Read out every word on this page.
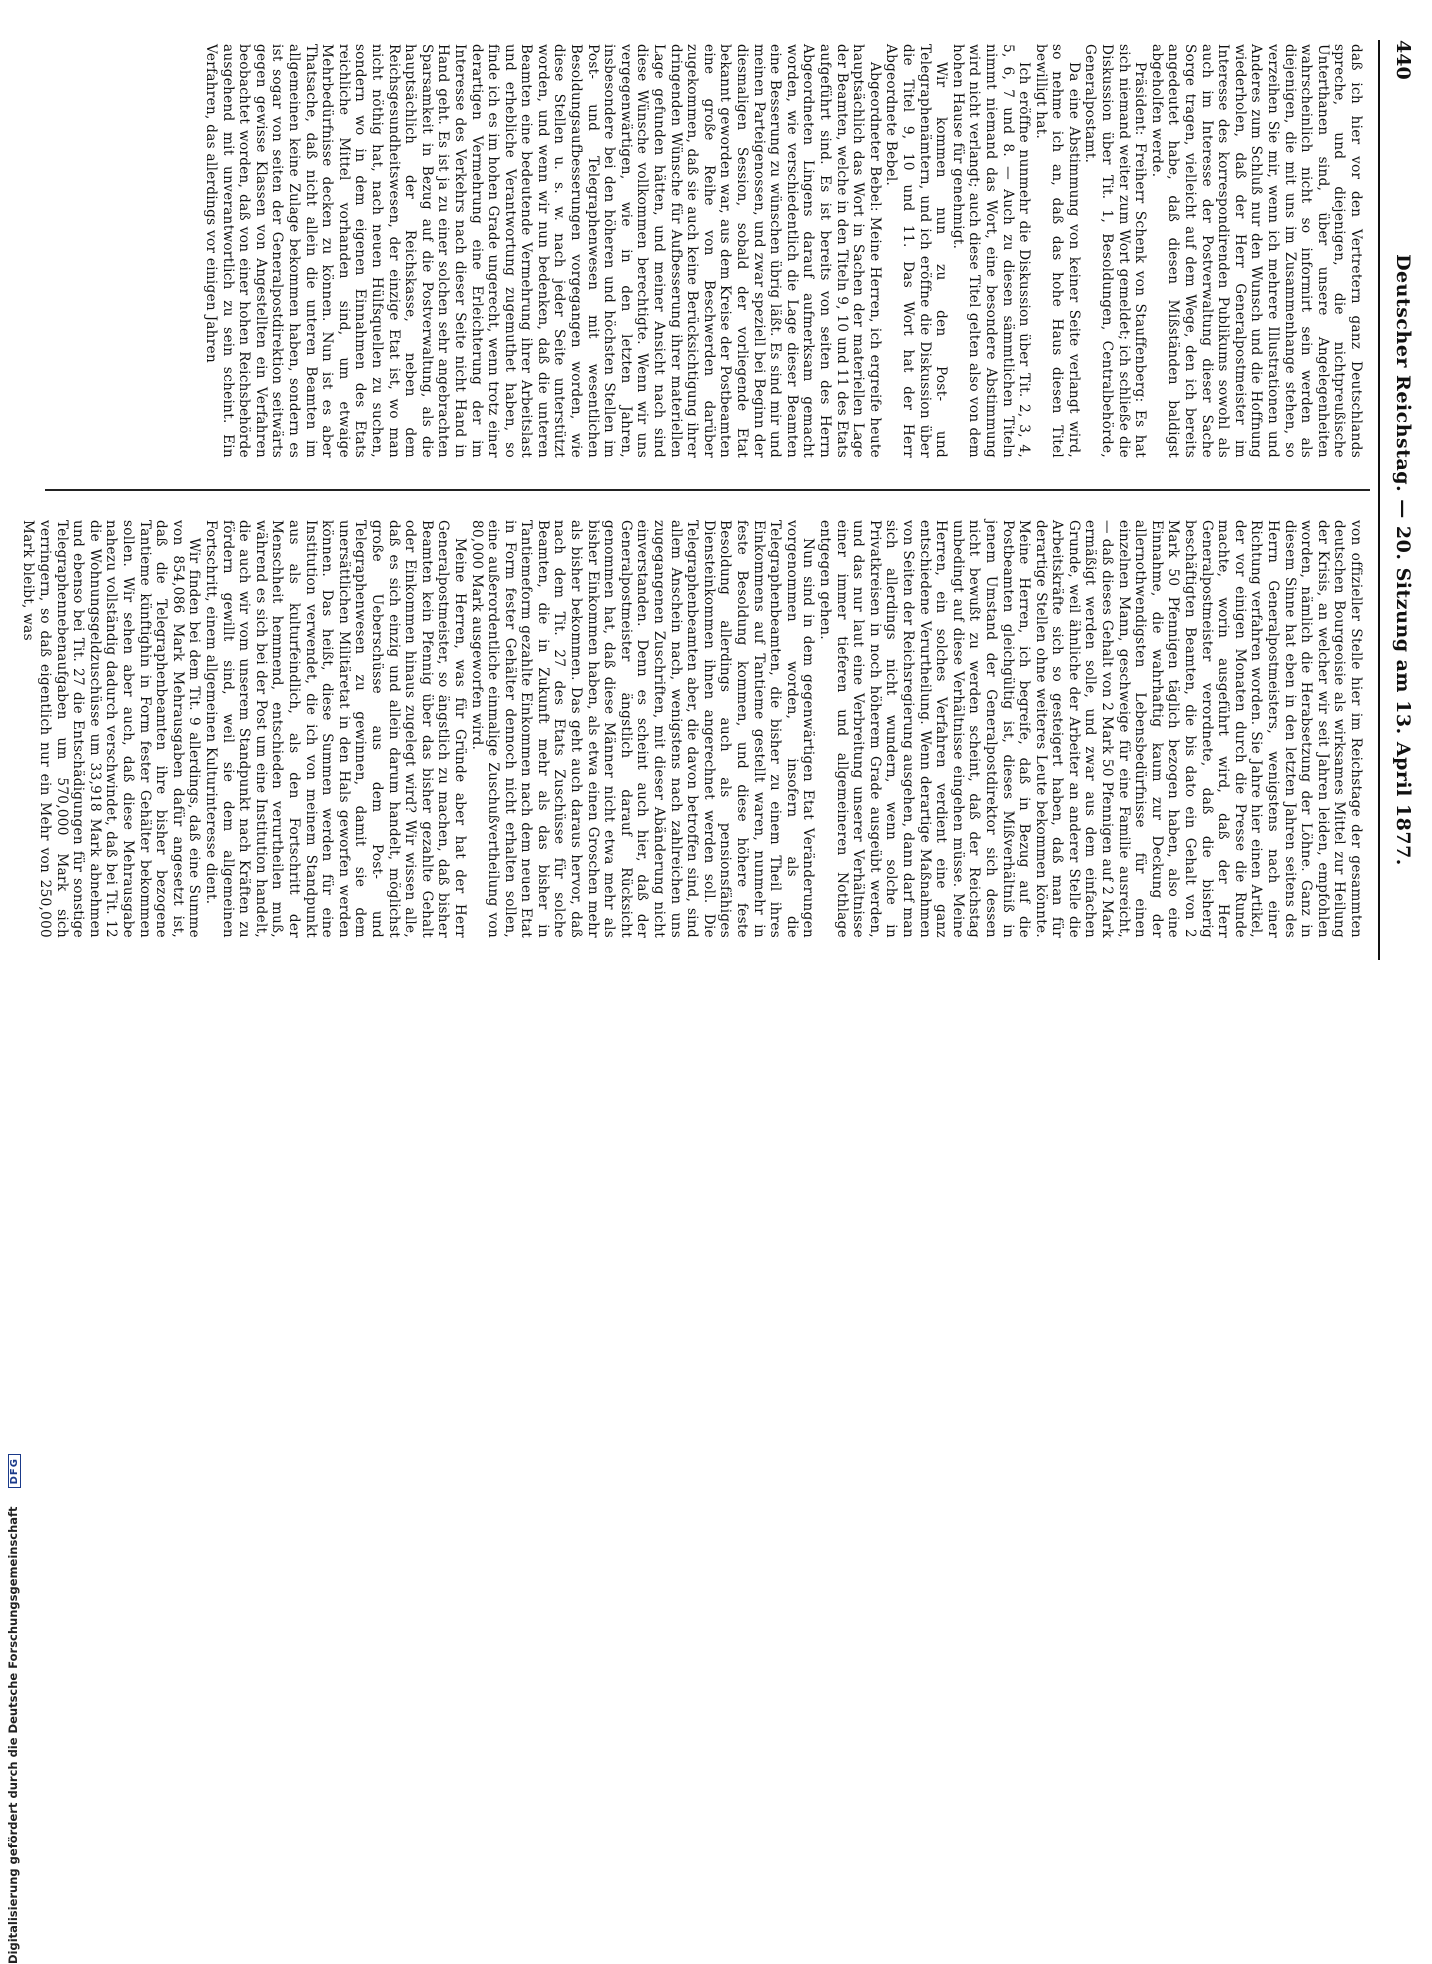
440
Deutscher Reichstag. — 20. Sitzung am 13. April 1877.

daß ich hier vor den Vertretern ganz Deutschlands spreche, und diejenigen, die nichtpreußische Unterthanen sind, über unsere Angelegenheiten wahrscheinlich nicht so informirt sein werden als diejenigen, die mit uns im Zusammenhange stehen, so verzeihen Sie mir, wenn ich mehrere Illustrationen und Anderes zum Schluß nur den Wunsch und die Hoffnung wiederholen, daß der Herr Generalpostmeister im Interesse des korrespondirenden Publikums sowohl als auch im Interesse der Postverwaltung dieser Sache Sorge tragen, vielleicht auf dem Wege, den ich bereits angedeutet habe, daß diesen Mißständen baldigst abgeholfen werde.

Präsident: Freiherr Schenk von Stauffenberg: Es hat sich niemand weiter zum Wort gemeldet; ich schließe die Diskussion über Tit. 1, Besoldungen, Centralbehörde, Generalpostamt.

Da eine Abstimmung von keiner Seite verlangt wird, so nehme ich an, daß das hohe Haus diesen Titel bewilligt hat.

Ich eröffne nunmehr die Diskussion über Tit. 2, 3, 4, 5, 6, 7 und 8. — Auch zu diesen sämmtlichen Titeln nimmt niemand das Wort, eine besondere Abstimmung wird nicht verlangt; auch diese Titel gelten also von dem hohen Hause für genehmigt.

Wir kommen nun zu den Post- und Telegraphenämtern, und ich eröffne die Diskussion über die Titel 9, 10 und 11. Das Wort hat der Herr Abgeordnete Bebel.

Abgeordneter Bebel: Meine Herren, ich ergreife heute hauptsächlich das Wort in Sachen der materiellen Lage der Beamten, welche in den Titeln 9, 10 und 11 des Etats aufgeführt sind. Es ist bereits von seiten des Herrn Abgeordneten Lingens darauf aufmerksam gemacht worden, wie verschiedentlich die Lage dieser Beamten eine Besserung zu wünschen übrig läßt. Es sind mir und meinen Parteigenossen, und zwar speziell bei Beginn der diesmaligen Session, sobald der vorliegende Etat bekannt geworden war, aus dem Kreise der Postbeamten eine große Reihe von Beschwerden darüber zugekommen, daß sie auch keine Berücksichtigung ihrer dringenden Wünsche für Aufbesserung ihrer materiellen Lage gefunden hätten, und meiner Ansicht nach sind diese Wünsche vollkommen berechtigte. Wenn wir uns vergegenwärtigen, wie in den letzten Jahren, insbesondere bei den höheren und höchsten Stellen im Post- und Telegraphenwesen mit wesentlichen Besoldungsaufbesserungen vorgegangen worden, wie diese Stellen u. s. w. nach jeder Seite unterstützt worden, und wenn wir nun bedenken, daß die unteren Beamten eine bedeutende Vermehrung ihrer Arbeitslast und erhebliche Verantwortung zugemuthet haben, so finde ich es im hohen Grade ungerecht, wenn trotz einer derartigen Vermehrung eine Erleichterung der im Interesse des Verkehrs nach dieser Seite nicht Hand in Hand geht. Es ist ja zu einer solchen sehr angebrachten Sparsamkeit in Bezug auf die Postverwaltung, als die hauptsächlich der Reichskasse, neben dem Reichsgesundheitswesen, der einzige Etat ist, wo man nicht nöthig hat, nach neuen Hülfsquellen zu suchen, sondern wo in dem eigenen Einnahmen des Etats reichliche Mittel vorhanden sind, um etwaige Mehrbedürfnisse decken zu können. Nun ist es aber Thatsache, daß nicht allein die unteren Beamten im allgemeinen keine Zulage bekommen haben, sondern es ist sogar von seiten der Generalpostdirektion seitwärts gegen gewisse Klassen von Angestellten ein Verfahren beobachtet worden, daß von einer hohen Reichsbehörde ausgehend mit unverantwortlich zu sein scheint. Ein Verfahren, das allerdings vor einigen Jahren

von offizieller Stelle hier im Reichstage der gesammten deutschen Bourgeoisie als wirksames Mittel zur Heilung der Krisis, an welcher wir seit Jahren leiden, empfohlen worden, nämlich die Herabsetzung der Löhne. Ganz in diesem Sinne hat eben in den letzten Jahren seitens des Herrn Generalpostmeisters, wenigstens nach einer Richtung verfahren worden. Sie Jahre hier einen Artikel, der vor einigen Monaten durch die Presse die Runde machte, worin ausgeführt wird, daß der Herr Generalpostmeister verordnete, daß die bisherig beschäftigten Beamten, die bis dato ein Gehalt von 2 Mark 50 Pfennigen täglich bezogen haben, also eine Einnahme, die wahrhaftig kaum zur Deckung der allernothwendigsten Lebensbedürfnisse für einen einzelnen Mann, geschweige für eine Familie ausreicht, — daß dieses Gehalt von 2 Mark 50 Pfennigen auf 2 Mark ermäßigt werden solle, und zwar aus dem einfachen Grunde, weil ähnliche der Arbeiter an anderer Stelle die Arbeitskräfte sich so gesteigert haben, daß man für derartige Stellen ohne weiteres Leute bekommen könnte. Meine Herren, ich begreife, daß in Bezug auf die Postbeamten gleichgültig ist, dieses Mißverhältniß in jenem Umstand der Generalpostdirektor sich dessen nicht bewußt zu werden scheint, daß der Reichstag unbedingt auf diese Verhältnisse eingehen müsse. Meine Herren, ein solches Verfahren verdient eine ganz entschiedene Verurtheilung. Wenn derartige Maßnahmen von Seiten der Reichsregierung ausgehen, dann darf man sich allerdings nicht wundern, wenn solche in Privatkreisen in noch höherem Grade ausgeübt werden, und das nur laut eine Verbreitung unserer Verhältnisse einer immer tieferen und allgemeineren Nothlage entgegen gehen.

Nun sind in dem gegenwärtigen Etat Veränderungen vorgenommen worden, insofern als die Telegraphenbeamten, die bisher zu einem Theil ihres Einkommens auf Tantieme gestellt waren, nunmehr in feste Besoldung kommen, und diese höhere feste Besoldung allerdings auch als pensionsfähiges Diensteinkommen ihnen angerechnet werden soll. Die Telegraphenbeamten aber, die davon betroffen sind, sind allem Anschein nach, wenigstens nach zahlreichen uns zugegangenen Zuschriften, mit dieser Abänderung nicht einverstanden. Denn es scheint auch hier, daß der Generalpostmeister ängstlich darauf Rücksicht genommen hat, daß diese Männer nicht etwa mehr als bisher Einkommen haben, als etwa einen Groschen mehr als bisher bekommen. Das geht auch daraus hervor, daß nach dem Tit. 27 des Etats Zuschüsse für solche Beamten, die in Zukunft mehr als das bisher in Tantiemeform gezahlte Einkommen nach dem neuen Etat in Form fester Gehälter dennoch nicht erhalten sollen, eine außerordentliche einmalige Zuschußvertheilung von 80,000 Mark ausgeworfen wird.

Meine Herren, was für Gründe aber hat der Herr Generalpostmeister, so ängstlich zu machen, daß bisher Beamten kein Pfennig über das bisher gezahlte Gehalt oder Einkommen hinaus zugelegt wird? Wir wissen alle, daß es sich einzig und allein darum handelt, möglichst große Ueberschüsse aus dem Post- und Telegraphenwesen zu gewinnen, damit sie dem unersättlichen Militäretat in den Hals geworfen werden können. Das heißt, diese Summen werden für eine Institution verwendet, die ich von meinem Standpunkt aus als kulturfeindlich, als den Fortschritt der Menschheit hemmend, entschieden verurtheilen muß, während es sich bei der Post um eine Institution handelt, die auch wir vom unserem Standpunkt nach Kräften zu fördern gewillt sind, weil sie dem allgemeinen Fortschritt, einem allgemeinen Kulturinteresse dient.

Wir finden bei dem Tit. 9 allerdings, daß eine Summe von 854,086 Mark Mehrausgaben dafür angesetzt ist, daß die Telegraphenbeamten ihre bisher bezogene Tantieme künftighin in Form fester Gehälter bekommen sollen. Wir sehen aber auch, daß diese Mehrausgabe nahezu vollständig dadurch verschwindet, daß bei Tit. 12 die Wohnungsgeldzuschüsse um 33,918 Mark abnehmen und ebenso bei Tit. 27 die Entschädigungen für sonstige Telegraphennebenaufgaben um 570,000 Mark sich verringern, so daß eigentlich nur ein Mehr von 250,000 Mark bleibt, was

Digitalisierung gefördert durch die Deutsche Forschungsgemeinschaft DFG
